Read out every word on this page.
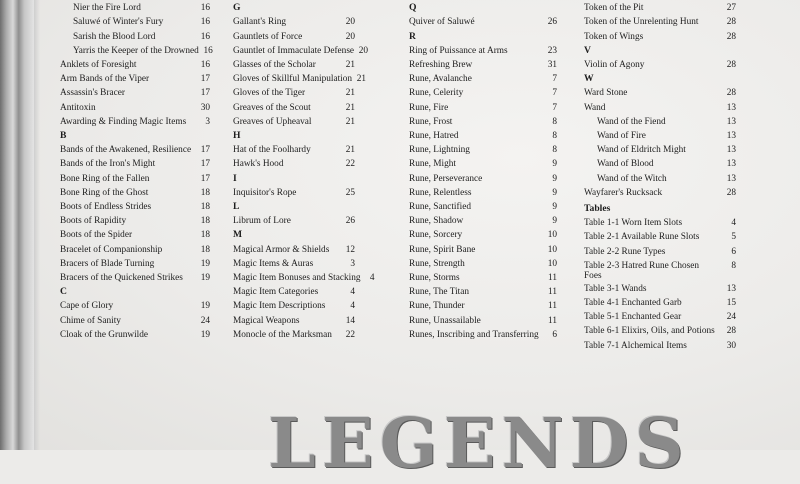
Nier the Fire Lord	16
Saluwé of Winter's Fury	16
Sarish the Blood Lord	16
Yarris the Keeper of the Drowned 16
Anklets of Foresight	16
Arm Bands of the Viper	17
Assassin's Bracer	17
Antitoxin	30
Awarding & Finding Magic Items	3
B
Bands of the Awakened, Resilience	17
Bands of the Iron's Might	17
Bone Ring of the Fallen	17
Bone Ring of the Ghost	18
Boots of Endless Strides	18
Boots of Rapidity	18
Boots of the Spider	18
Bracelet of Companionship	18
Bracers of Blade Turning	19
Bracers of the Quickened Strikes	19
C
Cape of Glory	19
Chime of Sanity	24
Cloak of the Grunwilde	19
G
Gallant's Ring	20
Gauntlets of Force	20
Gauntlet of Immaculate Defense 20
Glasses of the Scholar	21
Gloves of Skillful Manipulation 21
Gloves of the Tiger	21
Greaves of the Scout	21
Greaves of Upheaval	21
H
Hat of the Foolhardy	21
Hawk's Hood	22
I
Inquisitor's Rope	25
L
Librum of Lore	26
M
Magical Armor & Shields	12
Magic Items & Auras	3
Magic Item Bonuses and Stacking	4
Magic Item Categories	4
Magic Item Descriptions	4
Magical Weapons	14
Monocle of the Marksman	22
Q
Quiver of Saluwé	26
R
Ring of Puissance at Arms	23
Refreshing Brew	31
Rune, Avalanche	7
Rune, Celerity	7
Rune, Fire	7
Rune, Frost	8
Rune, Hatred	8
Rune, Lightning	8
Rune, Might	9
Rune, Perseverance	9
Rune, Relentless	9
Rune, Sanctified	9
Rune, Shadow	9
Rune, Sorcery	10
Rune, Spirit Bane	10
Rune, Strength	10
Rune, Storms	11
Rune, The Titan	11
Rune, Thunder	11
Rune, Unassailable	11
Runes, Inscribing and Transferring	6
Token of the Pit	27
Token of the Unrelenting Hunt	28
Token of Wings	28
V
Violin of Agony	28
W
Ward Stone	28
Wand	13
Wand of the Fiend	13
Wand of Fire	13
Wand of Eldritch Might	13
Wand of Blood	13
Wand of the Witch	13
Wayfarer's Rucksack	28
Tables
Table 1-1 Worn Item Slots	4
Table 2-1 Available Rune Slots	5
Table 2-2 Rune Types	6
Table 2-3 Hatred Rune Chosen Foes
8
Table 3-1 Wands	13
Table 4-1 Enchanted Garb	15
Table 5-1 Enchanted Gear	24
Table 6-1 Elixirs, Oils, and Potions	28
Table 7-1 Alchemical Items	30
LEGENDS
